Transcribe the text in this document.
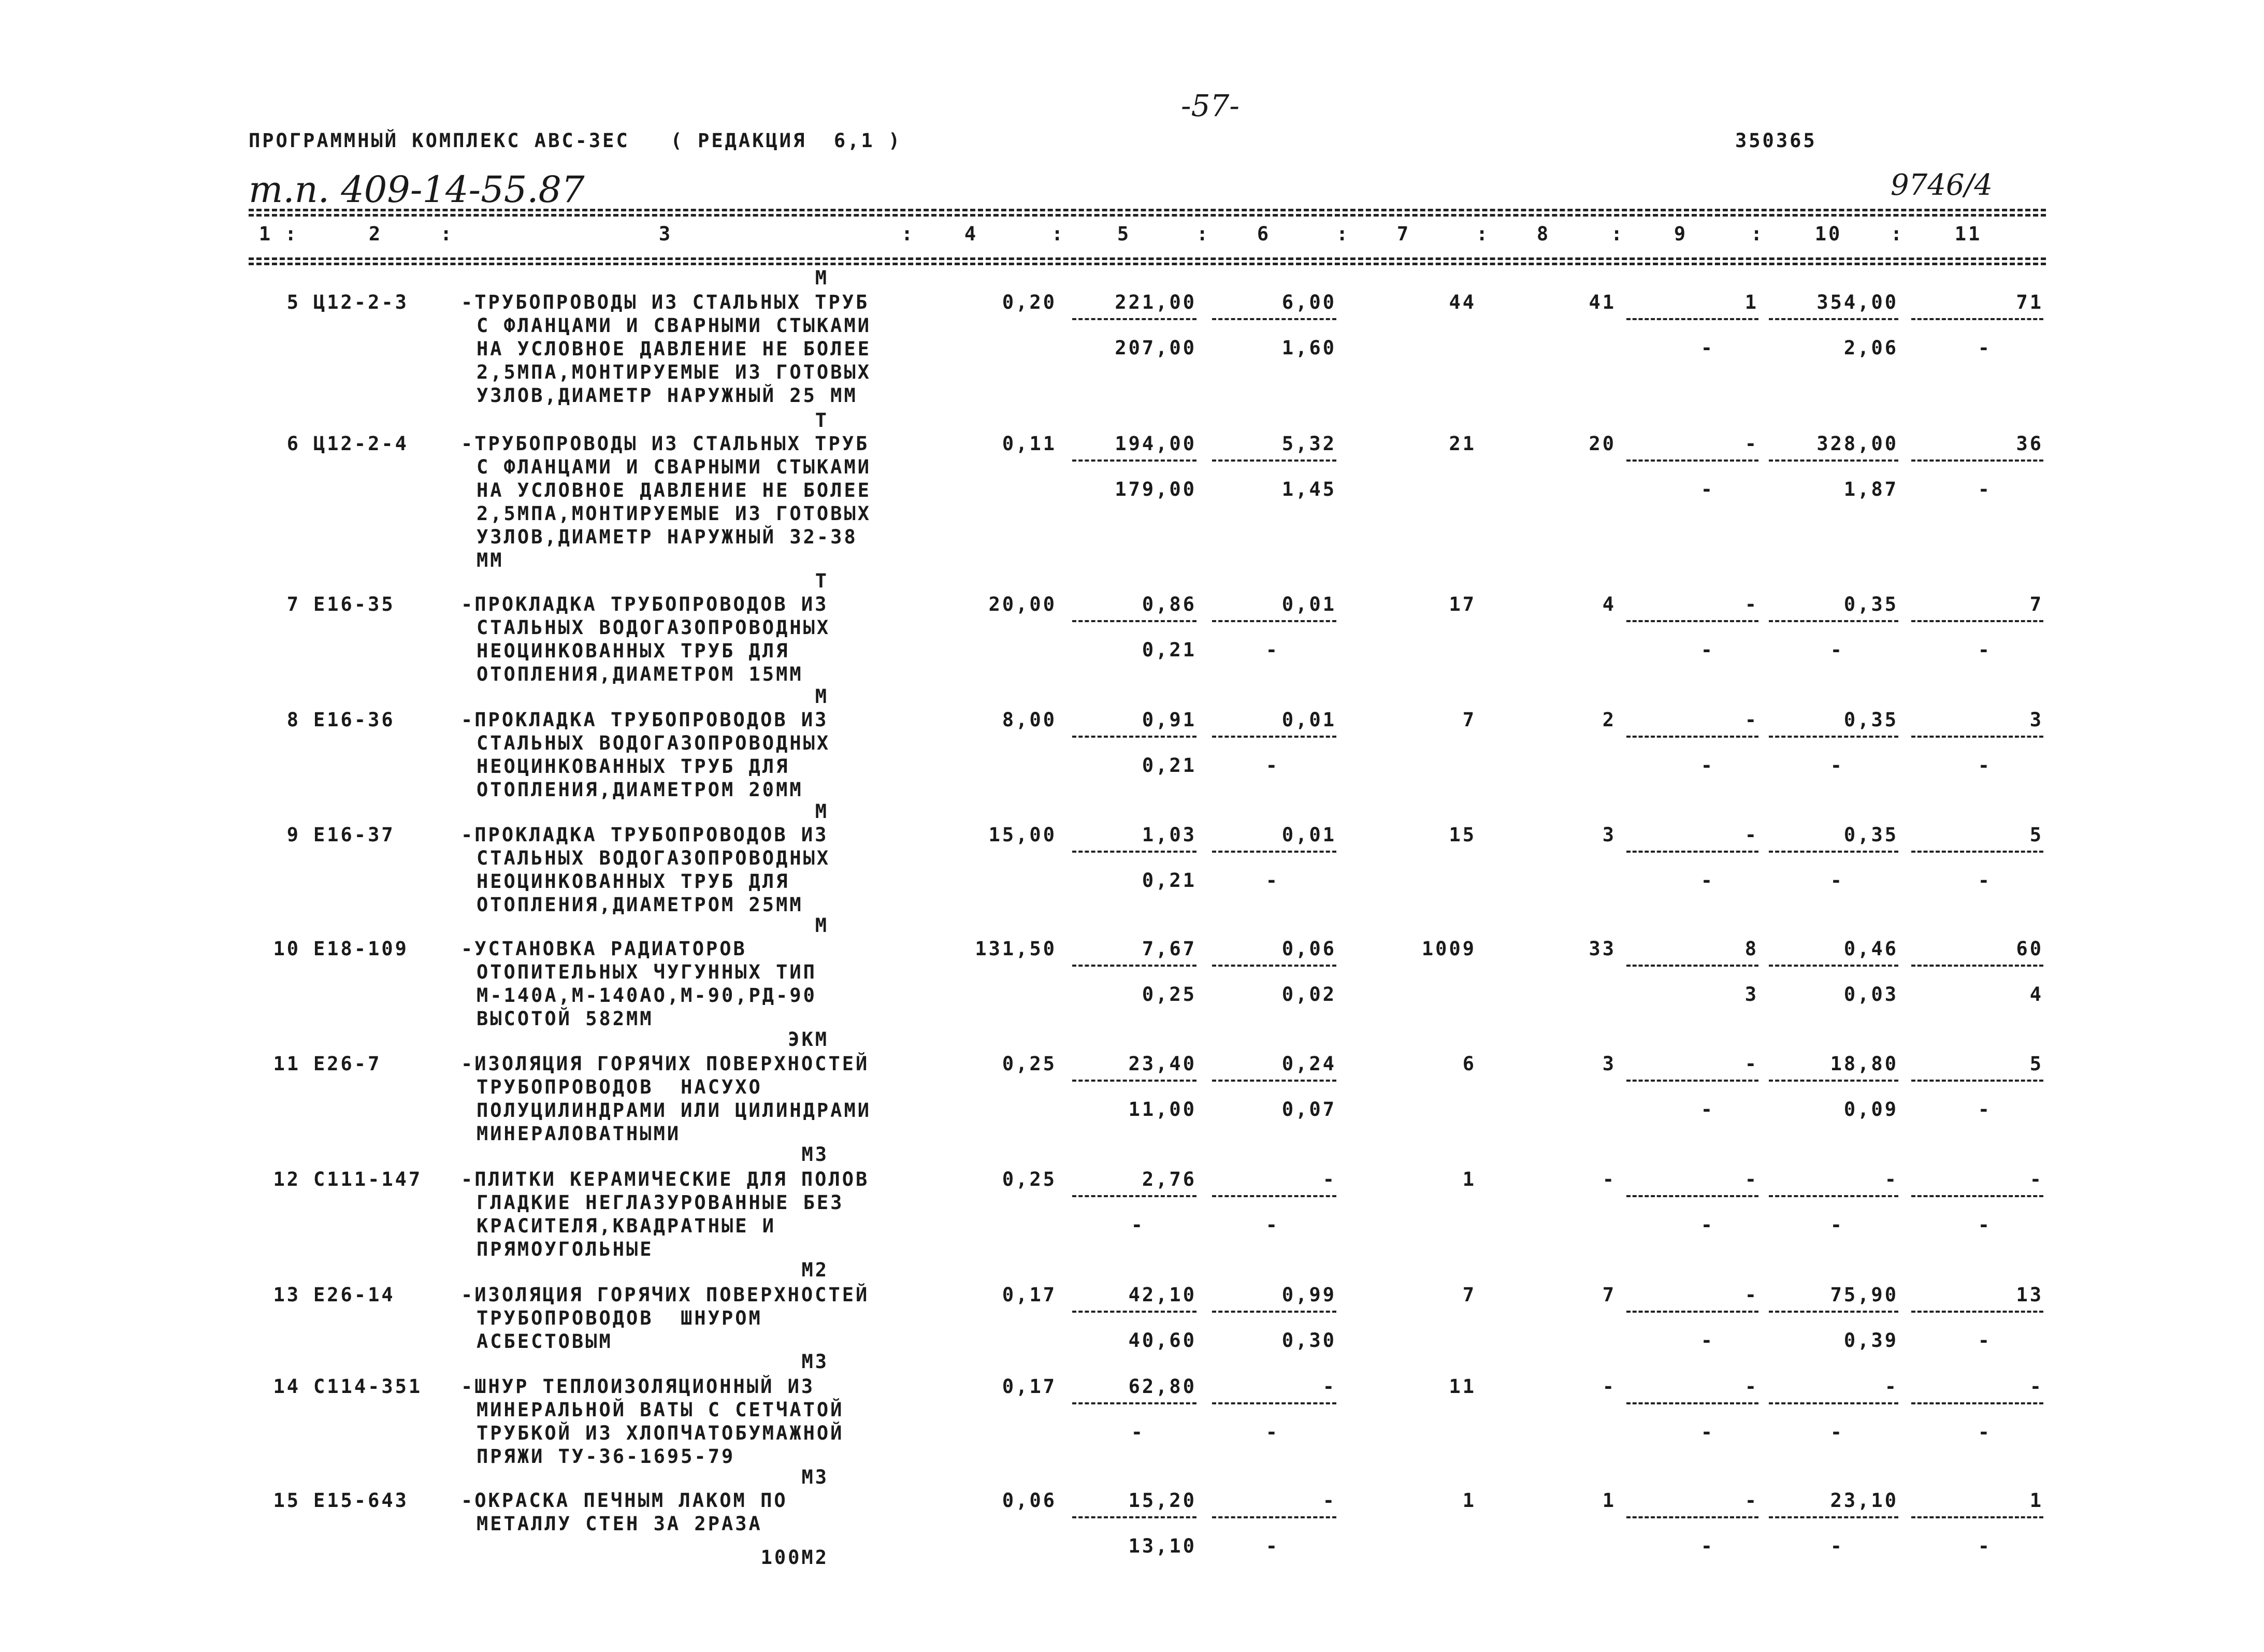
-57-
ПРОГРАММНЫЙ КОМПЛЕКС АВС-3ЕС   ( РЕДАКЦИЯ  6,1 )	350365
т.п. 409-14-55.87	9746/4
1	2	3	4	5	6	7	8	9	10	11
:	:	:	:	:	:	:	:	:	:
М
5 Ц12-2-3	-ТРУБОПРОВОДЫ ИЗ СТАЛЬНЫХ ТРУБ
С ФЛАНЦАМИ И СВАРНЫМИ СТЫКАМИ
НА УСЛОВНОЕ ДАВЛЕНИЕ НЕ БОЛЕЕ
2,5МПА,МОНТИРУЕМЫЕ ИЗ ГОТОВЫХ
УЗЛОВ,ДИАМЕТР НАРУЖНЫЙ 25 ММ
0,20	221,00	6,00	44	41	1	354,00	71
207,00	1,60	-	2,06	-
Т
6 Ц12-2-4	-ТРУБОПРОВОДЫ ИЗ СТАЛЬНЫХ ТРУБ
С ФЛАНЦАМИ И СВАРНЫМИ СТЫКАМИ
НА УСЛОВНОЕ ДАВЛЕНИЕ НЕ БОЛЕЕ
2,5МПА,МОНТИРУЕМЫЕ ИЗ ГОТОВЫХ
УЗЛОВ,ДИАМЕТР НАРУЖНЫЙ 32-38
ММ
0,11	194,00	5,32	21	20	-	328,00	36
179,00	1,45	-	1,87	-
Т
7 Е16-35	-ПРОКЛАДКА ТРУБОПРОВОДОВ ИЗ
СТАЛЬНЫХ ВОДОГАЗОПРОВОДНЫХ
НЕОЦИНКОВАННЫХ ТРУБ ДЛЯ
ОТОПЛЕНИЯ,ДИАМЕТРОМ 15ММ
20,00	0,86	0,01	17	4	-	0,35	7
0,21	-	-	-	-
М
8 Е16-36	-ПРОКЛАДКА ТРУБОПРОВОДОВ ИЗ
СТАЛЬНЫХ ВОДОГАЗОПРОВОДНЫХ
НЕОЦИНКОВАННЫХ ТРУБ ДЛЯ
ОТОПЛЕНИЯ,ДИАМЕТРОМ 20ММ
8,00	0,91	0,01	7	2	-	0,35	3
0,21	-	-	-	-
М
9 Е16-37	-ПРОКЛАДКА ТРУБОПРОВОДОВ ИЗ
СТАЛЬНЫХ ВОДОГАЗОПРОВОДНЫХ
НЕОЦИНКОВАННЫХ ТРУБ ДЛЯ
ОТОПЛЕНИЯ,ДИАМЕТРОМ 25ММ
15,00	1,03	0,01	15	3	-	0,35	5
0,21	-	-	-	-
М
10 Е18-109	-УСТАНОВКА РАДИАТОРОВ
ОТОПИТЕЛЬНЫХ ЧУГУННЫХ ТИП
М-140А,М-140АО,М-90,РД-90
ВЫСОТОЙ 582ММ
131,50	7,67	0,06	1009	33	8	0,46	60
0,25	0,02	3	0,03	4
ЭКМ
11 Е26-7	-ИЗОЛЯЦИЯ ГОРЯЧИХ ПОВЕРХНОСТЕЙ
ТРУБОПРОВОДОВ  НАСУХО
ПОЛУЦИЛИНДРАМИ ИЛИ ЦИЛИНДРАМИ
МИНЕРАЛОВАТНЫМИ
0,25	23,40	0,24	6	3	-	18,80	5
11,00	0,07	-	0,09	-
М3
12 С111-147 -ПЛИТКИ КЕРАМИЧЕСКИЕ ДЛЯ ПОЛОВ
ГЛАДКИЕ НЕГЛАЗУРОВАННЫЕ БЕЗ
КРАСИТЕЛЯ,КВАДРАТНЫЕ И
ПРЯМОУГОЛЬНЫЕ
0,25	2,76	-	1	-	-	-	-
-	-	-	-	-
М2
13 Е26-14	-ИЗОЛЯЦИЯ ГОРЯЧИХ ПОВЕРХНОСТЕЙ
ТРУБОПРОВОДОВ  ШНУРОМ
АСБЕСТОВЫМ
0,17	42,10	0,99	7	7	-	75,90	13
40,60	0,30	-	0,39	-
М3
14 С114-351 -ШНУР ТЕПЛОИЗОЛЯЦИОННЫЙ ИЗ
МИНЕРАЛЬНОЙ ВАТЫ С СЕТЧАТОЙ
ТРУБКОЙ ИЗ ХЛОПЧАТОБУМАЖНОЙ
ПРЯЖИ ТУ-36-1695-79
0,17	62,80	-	11	-	-	-	-
-	-	-	-	-
М3
15 Е15-643	-ОКРАСКА ПЕЧНЫМ ЛАКОМ ПО
МЕТАЛЛУ СТЕН ЗА 2РАЗА
0,06	15,20	-	1	1	-	23,10	1
13,10	-	-	-	-
100М2
